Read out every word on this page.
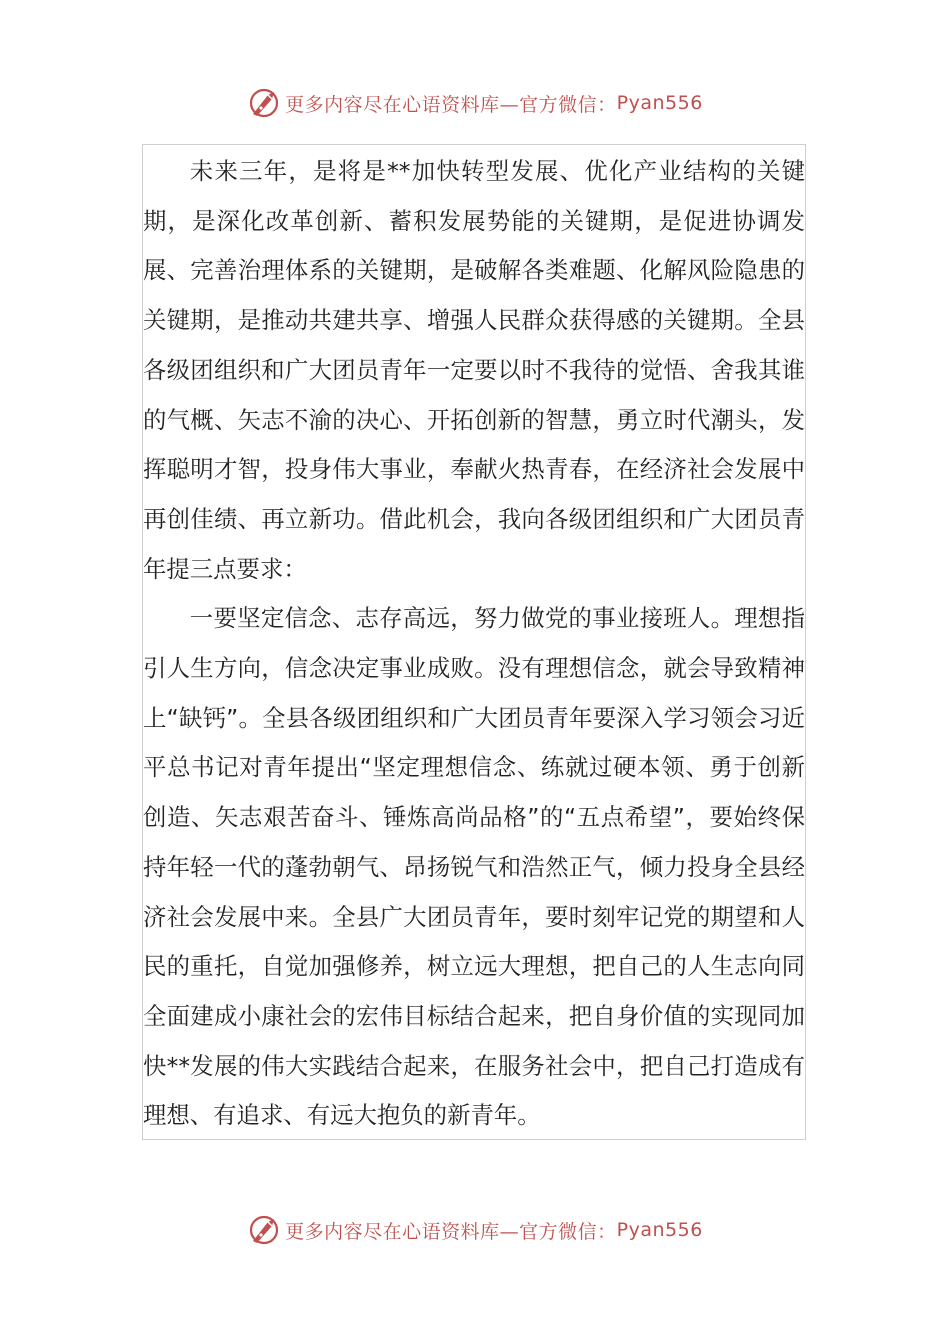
更多内容尽在心语资料库—官方微信： Pyan556

未来三年，是将是**加快转型发展、优化产业结构的关键期，是深化改革创新、蓄积发展势能的关键期，是促进协调发展、完善治理体系的关键期，是破解各类难题、化解风险隐患的关键期，是推动共建共享、增强人民群众获得感的关键期。全县各级团组织和广大团员青年一定要以时不我待的觉悟、舍我其谁的气概、矢志不渝的决心、开拓创新的智慧，勇立时代潮头，发挥聪明才智，投身伟大事业，奉献火热青春，在经济社会发展中再创佳绩、再立新功。借此机会，我向各级团组织和广大团员青年提三点要求：

一要坚定信念、志存高远，努力做党的事业接班人。理想指引人生方向，信念决定事业成败。没有理想信念，就会导致精神上“缺钙”。全县各级团组织和广大团员青年要深入学习领会习近平总书记对青年提出“坚定理想信念、练就过硬本领、勇于创新创造、矢志艰苦奋斗、锤炼高尚品格”的“五点希望”，要始终保持年轻一代的蓬勃朝气、昂扬锐气和浩然正气，倾力投身全县经济社会发展中来。全县广大团员青年，要时刻牢记党的期望和人民的重托，自觉加强修养，树立远大理想，把自己的人生志向同全面建成小康社会的宏伟目标结合起来，把自身价值的实现同加快**发展的伟大实践结合起来，在服务社会中，把自己打造成有理想、有追求、有远大抱负的新青年。

更多内容尽在心语资料库—官方微信： Pyan556
